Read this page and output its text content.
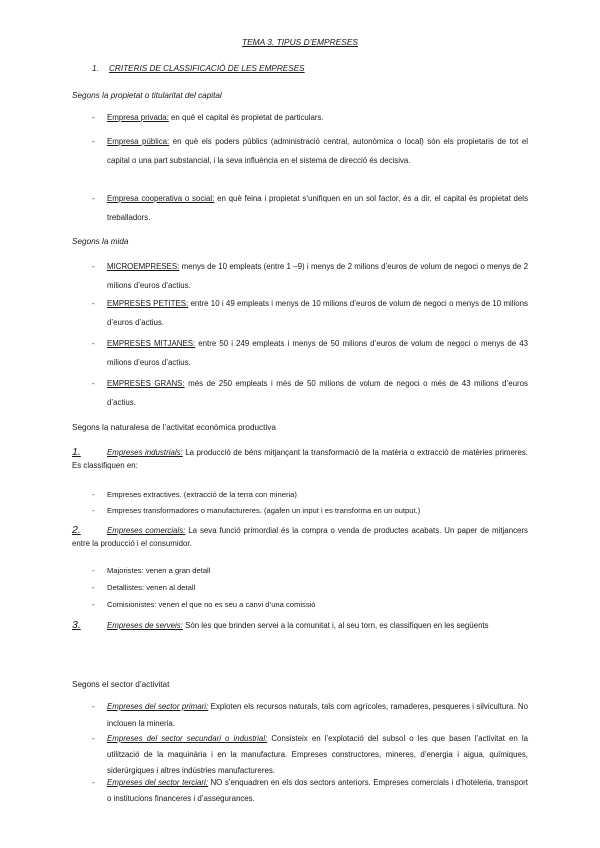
TEMA 3. TIPUS D’EMPRESES
1. CRITERIS DE CLASSIFICACIÓ DE LES EMPRESES
Segons la propietat o titularitat del capital
- Empresa privada: en què el capital és propietat de particulars.
- Empresa pública: en què els poders públics (administració central, autonòmica o local) són els propietaris de tot el capital o una part substancial, i la seva influència en el sistema de direcció és decisiva.
- Empresa cooperativa o social: en què feina i propietat s’unifiquen en un sol factor, és a dir, el capital és propietat dels treballadors.
Segons la mida
- MICROEMPRESES: menys de 10 empleats (entre 1 –9) i menys de 2 milions d’euros de volum de negoci o menys de 2 milions d’euros d’actius.
- EMPRESES PETITES: entre 10 i 49 empleats i menys de 10 milions d’euros de volum de negoci o menys de 10 milions d’euros d’actius.
- EMPRESES MITJANES: entre 50 i 249 empleats i menys de 50 milions d’euros de volum de negoci o menys de 43 milions d’euros d’actius.
- EMPRESES GRANS: més de 250 empleats i més de 50 milions de volum de negoci o més de 43 milions d’euros d’actius.
Segons la naturalesa de l’activitat econòmica productiva
1.	Empreses industrials: La producció de béns mitjançant la transformació de la matèria o extracció de matèries primeres. Es classifiquen en:
- Empreses extractives. (extracció de la terra con mineria)
- Empreses transformadores o manufactureres. (agafen un input i es transforma en un output.)
2.	Empreses comercials: La seva funció primordial és la compra o venda de productes acabats. Un paper de mitjancers entre la producció i el consumidor.
- Majoristes: venen a gran detall
- Detallistes: venen al detall
- Comisionistes: venen el que no es seu a canvi d’una comissió
3.	Empreses de serveis: Són les que brinden servei a la comunitat i, al seu torn, es classifiquen en les següents
Segons el sector d’activitat
- Empreses del sector primari: Exploten els recursos naturals, tals com agrícoles, ramaderes, pesqueres i silvicultura. No inclouen la mineria.
- Empreses del sector secundari o industrial: Consisteix en l’explotació del subsol o les que basen l’activitat en la utilització de la maquinària i en la manufactura. Empreses constructores, mineres, d’energia i aigua, químiques, siderúrgiques i altres indústries manufactureres.
- Empreses del sector terciari: NO s’enquadren en els dos sectors anteriors. Empreses comercials i d’hoteleria, transport o institucions financeres i d’assegurances.
